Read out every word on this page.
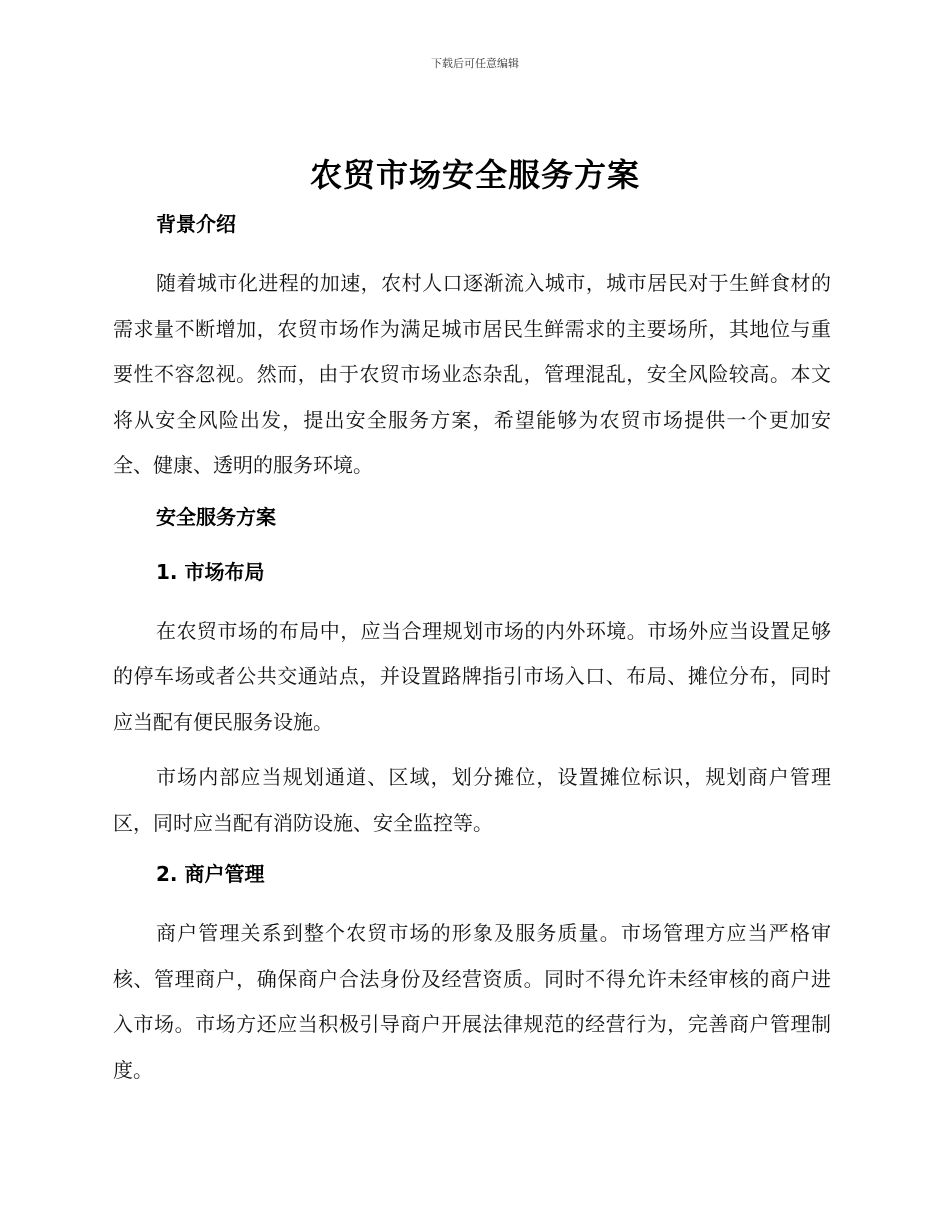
下载后可任意编辑
农贸市场安全服务方案
背景介绍

随着城市化进程的加速，农村人口逐渐流入城市，城市居民对于生鲜食材的需求量不断增加，农贸市场作为满足城市居民生鲜需求的主要场所，其地位与重要性不容忽视。然而，由于农贸市场业态杂乱，管理混乱，安全风险较高。本文将从安全风险出发，提出安全服务方案，希望能够为农贸市场提供一个更加安全、健康、透明的服务环境。

安全服务方案
1. 市场布局

在农贸市场的布局中，应当合理规划市场的内外环境。市场外应当设置足够的停车场或者公共交通站点，并设置路牌指引市场入口、布局、摊位分布，同时应当配有便民服务设施。

市场内部应当规划通道、区域，划分摊位，设置摊位标识，规划商户管理区，同时应当配有消防设施、安全监控等。

2. 商户管理

商户管理关系到整个农贸市场的形象及服务质量。市场管理方应当严格审核、管理商户，确保商户合法身份及经营资质。同时不得允许未经审核的商户进入市场。市场方还应当积极引导商户开展法律规范的经营行为，完善商户管理制度。
